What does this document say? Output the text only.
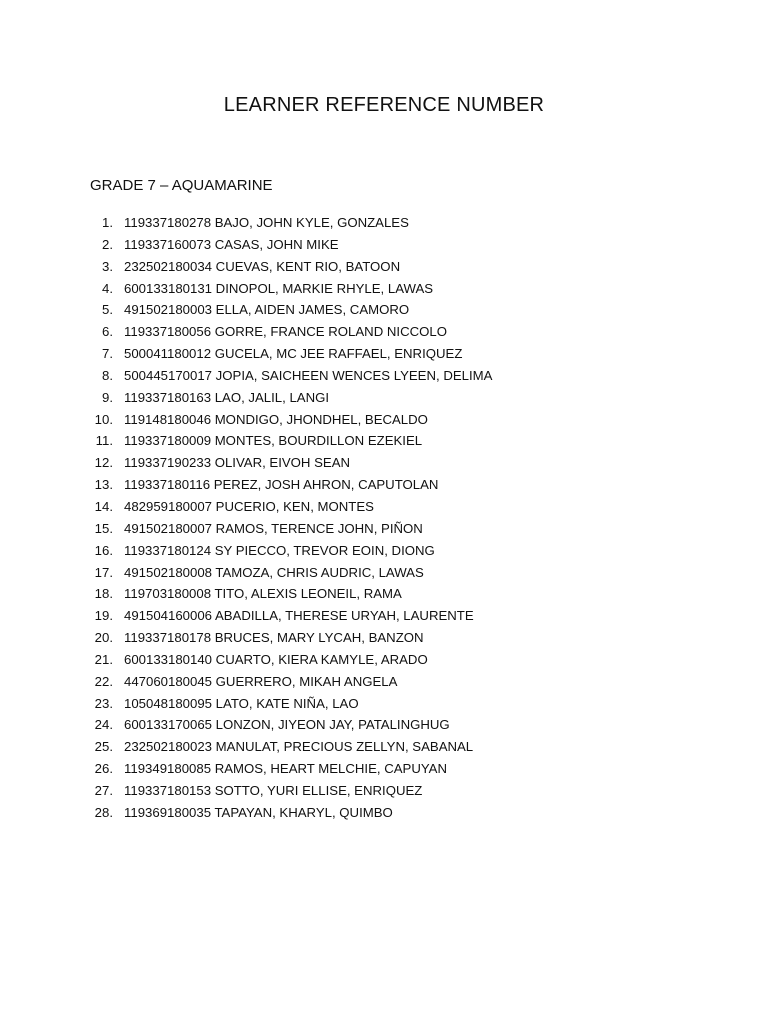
LEARNER REFERENCE NUMBER
GRADE 7 – AQUAMARINE
1. 119337180278 BAJO, JOHN KYLE, GONZALES
2. 119337160073 CASAS, JOHN MIKE
3. 232502180034 CUEVAS, KENT RIO, BATOON
4. 600133180131 DINOPOL, MARKIE RHYLE, LAWAS
5. 491502180003 ELLA, AIDEN JAMES, CAMORO
6. 119337180056 GORRE, FRANCE ROLAND NICCOLO
7. 500041180012 GUCELA, MC JEE RAFFAEL, ENRIQUEZ
8. 500445170017 JOPIA, SAICHEEN WENCES LYEEN, DELIMA
9. 119337180163 LAO, JALIL, LANGI
10. 119148180046 MONDIGO, JHONDHEL, BECALDO
11. 119337180009 MONTES, BOURDILLON EZEKIEL
12. 119337190233 OLIVAR, EIVOH SEAN
13. 119337180116 PEREZ, JOSH AHRON, CAPUTOLAN
14. 482959180007 PUCERIO, KEN, MONTES
15. 491502180007 RAMOS, TERENCE JOHN, PIÑON
16. 119337180124 SY PIECCO, TREVOR EOIN, DIONG
17. 491502180008 TAMOZA, CHRIS AUDRIC, LAWAS
18. 119703180008 TITO, ALEXIS LEONEIL, RAMA
19. 491504160006 ABADILLA, THERESE URYAH, LAURENTE
20. 119337180178 BRUCES, MARY LYCAH, BANZON
21. 600133180140 CUARTO, KIERA KAMYLE, ARADO
22. 447060180045 GUERRERO, MIKAH ANGELA
23. 105048180095 LATO, KATE NIÑA, LAO
24. 600133170065 LONZON, JIYEON JAY, PATALINGHUG
25. 232502180023 MANULAT, PRECIOUS ZELLYN, SABANAL
26. 119349180085 RAMOS, HEART MELCHIE, CAPUYAN
27. 119337180153 SOTTO, YURI ELLISE, ENRIQUEZ
28. 119369180035 TAPAYAN, KHARYL, QUIMBO
